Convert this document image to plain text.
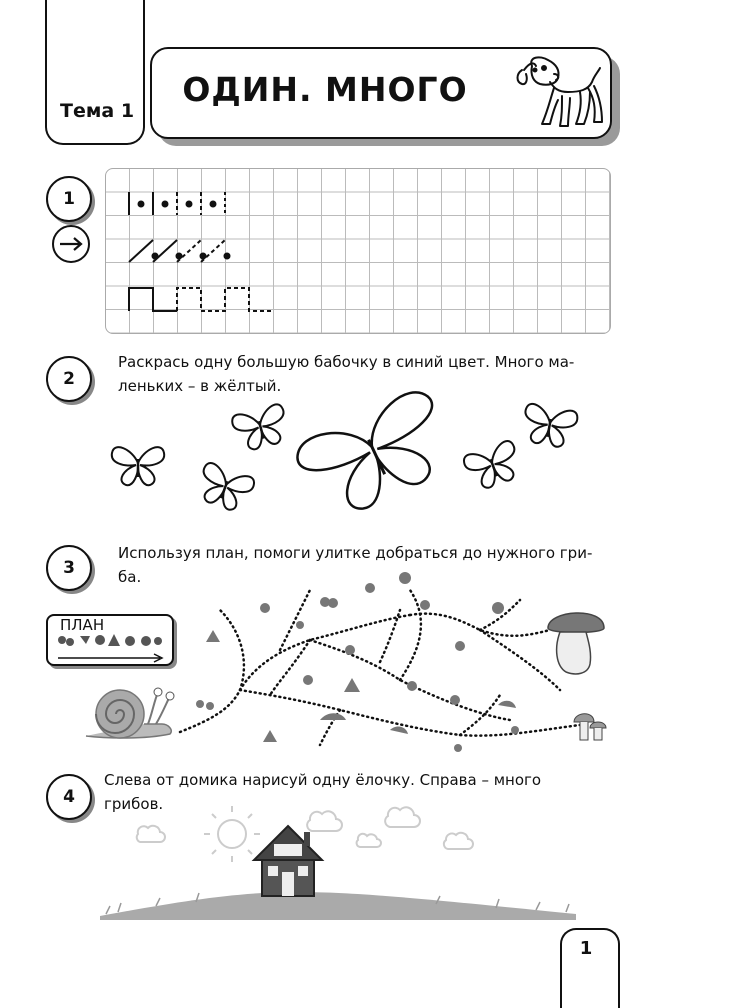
Тема 1
ОДИН. МНОГО
1
2
Раскрась одну большую бабочку в синий цвет. Много ма-
леньких – в жёлтый.
3
Используя план, помоги улитке добраться до нужного гри-
ба.
ПЛАН
4
Слева от домика нарисуй одну ёлочку. Справа – много
грибов.
1
